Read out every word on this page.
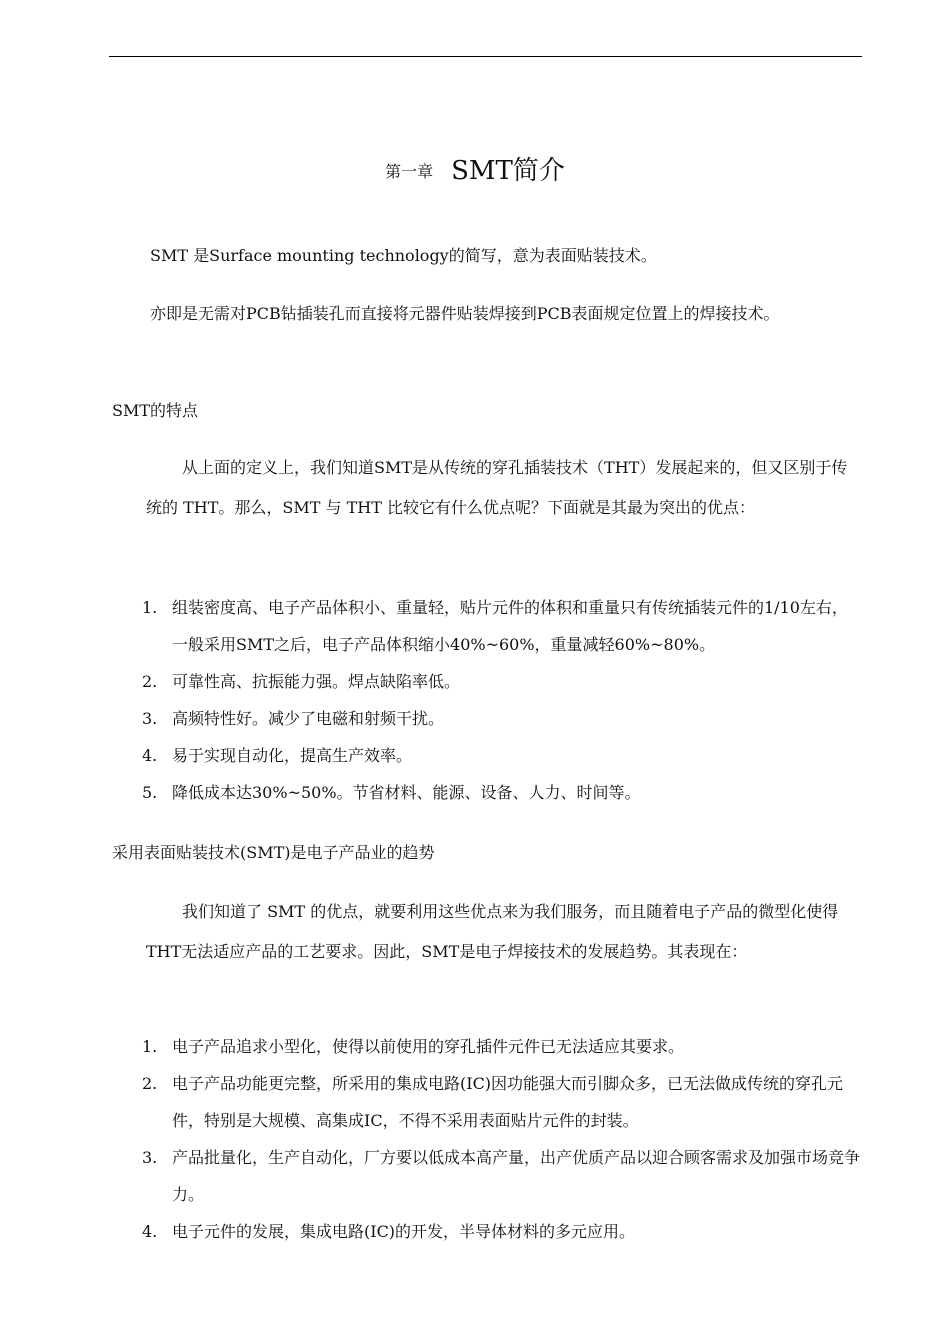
第一章 SMT简介

SMT 是Surface mounting technology的简写，意为表面贴装技术。

亦即是无需对PCB钻插装孔而直接将元器件贴装焊接到PCB表面规定位置上的焊接技术。

SMT的特点

从上面的定义上，我们知道SMT是从传统的穿孔插装技术（THT）发展起来的，但又区别于传统的 THT。那么，SMT 与 THT 比较它有什么优点呢？下面就是其最为突出的优点：

1. 组装密度高、电子产品体积小、重量轻，贴片元件的体积和重量只有传统插装元件的1/10左右，一般采用SMT之后，电子产品体积缩小40%~60%，重量减轻60%~80%。
2. 可靠性高、抗振能力强。焊点缺陷率低。
3. 高频特性好。减少了电磁和射频干扰。
4. 易于实现自动化，提高生产效率。
5. 降低成本达30%~50%。节省材料、能源、设备、人力、时间等。

采用表面贴装技术(SMT)是电子产品业的趋势

我们知道了 SMT 的优点，就要利用这些优点来为我们服务，而且随着电子产品的微型化使得THT无法适应产品的工艺要求。因此，SMT是电子焊接技术的发展趋势。其表现在：

1. 电子产品追求小型化，使得以前使用的穿孔插件元件已无法适应其要求。
2. 电子产品功能更完整，所采用的集成电路(IC)因功能强大而引脚众多，已无法做成传统的穿孔元件，特别是大规模、高集成IC，不得不采用表面贴片元件的封装。
3. 产品批量化，生产自动化，厂方要以低成本高产量，出产优质产品以迎合顾客需求及加强市场竞争力。
4. 电子元件的发展，集成电路(IC)的开发，半导体材料的多元应用。
